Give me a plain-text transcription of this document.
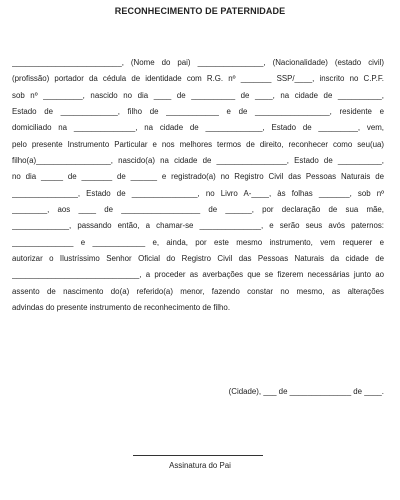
RECONHECIMENTO DE PATERNIDADE
_________________________, (Nome do pai) _______________, (Nacionalidade) (estado civil)
(profissão) portador da cédula de identidade com R.G. nº _______ SSP/____, inscrito no C.P.F.
sob nº _________, nascido no dia ____ de __________ de ____, na cidade de __________,
Estado de _____________, filho de ____________ e de _________________, residente e
domiciliado na ______________, na cidade de _____________, Estado de _________, vem,
pelo presente Instrumento Particular e nos melhores termos de direito, reconhecer como seu(ua)
filho(a)_________________, nascido(a) na cidade de ________________, Estado de __________,
no dia _____ de _______ de ______ e registrado(a) no Registro Civil das Pessoas Naturais de
_______________, Estado de _______________, no Livro A-____, às folhas _______, sob nº
________, aos ____ de __________________ de ______, por declaração de sua mãe,
_____________, passando então, a chamar-se ______________, e serão seus avós paternos:
______________ e ____________ e, ainda, por este mesmo instrumento, vem requerer e
autorizar o Ilustríssimo Senhor Oficial do Registro Civil das Pessoas Naturais da cidade de
_____________________________, a proceder as averbações que se fizerem necessárias junto ao
assento de nascimento do(a) referido(a) menor, fazendo constar no mesmo, as alterações
advindas do presente instrumento de reconhecimento de filho.
(Cidade), ___ de ______________ de ____.
Assinatura do Pai
